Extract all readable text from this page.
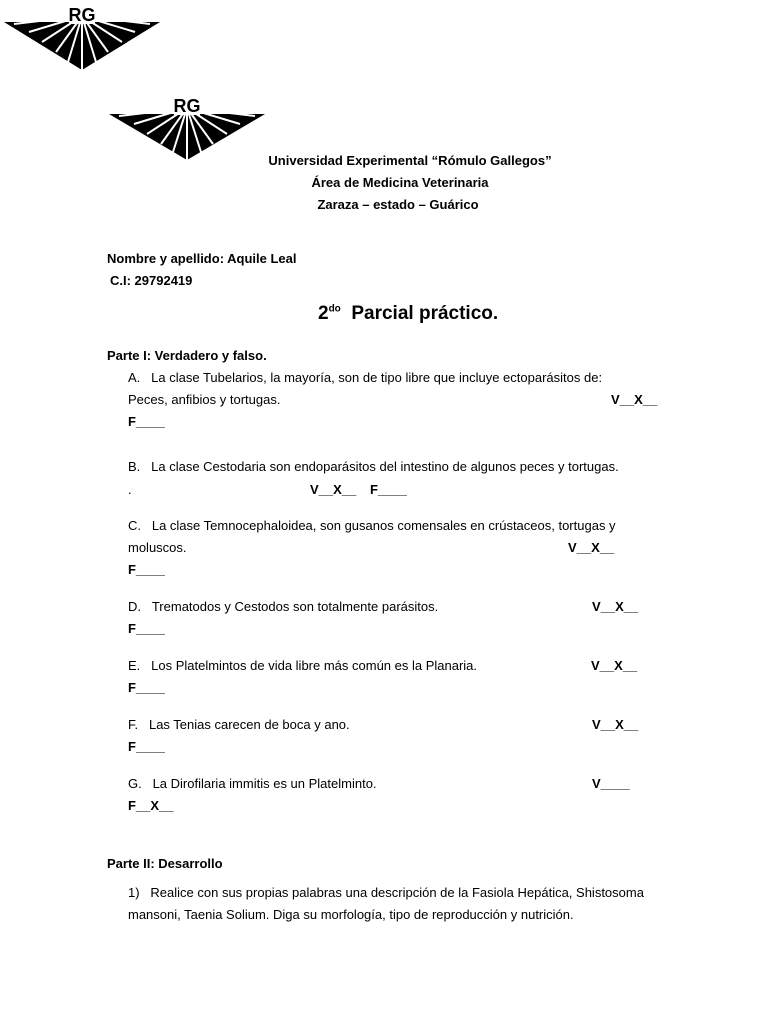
RG
RG
Universidad Experimental “Rómulo Gallegos”
Área de Medicina Veterinaria
Zaraza – estado – Guárico
Nombre y apellido: Aquile Leal
C.I: 29792419
$2^{do}$ Parcial práctico.
Parte I: Verdadero y falso.
A. La clase Tubelarios, la mayoría, son de tipo libre que incluye ectoparásitos de:
Peces, anfibios y tortugas.	V__X__
F____
B. La clase Cestodaria son endoparásitos del intestino de algunos peces y tortugas.
.	V__X__ F____
C. La clase Temnocephaloidea, son gusanos comensales en crústaceos, tortugas y
moluscos.	V__X__
F____
D. Trematodos y Cestodos son totalmente parásitos.	V__X__
F____
E. Los Platelmintos de vida libre más común es la Planaria.	V__X__
F____
F. Las Tenias carecen de boca y ano.	V__X__
F____
G. La Dirofilaria immitis es un Platelminto.	V____
F__X__
Parte II: Desarrollo
1) Realice con sus propias palabras una descripción de la Fasiola Hepática, Shistosoma
mansoni, Taenia Solium. Diga su morfología, tipo de reproducción y nutrición.
